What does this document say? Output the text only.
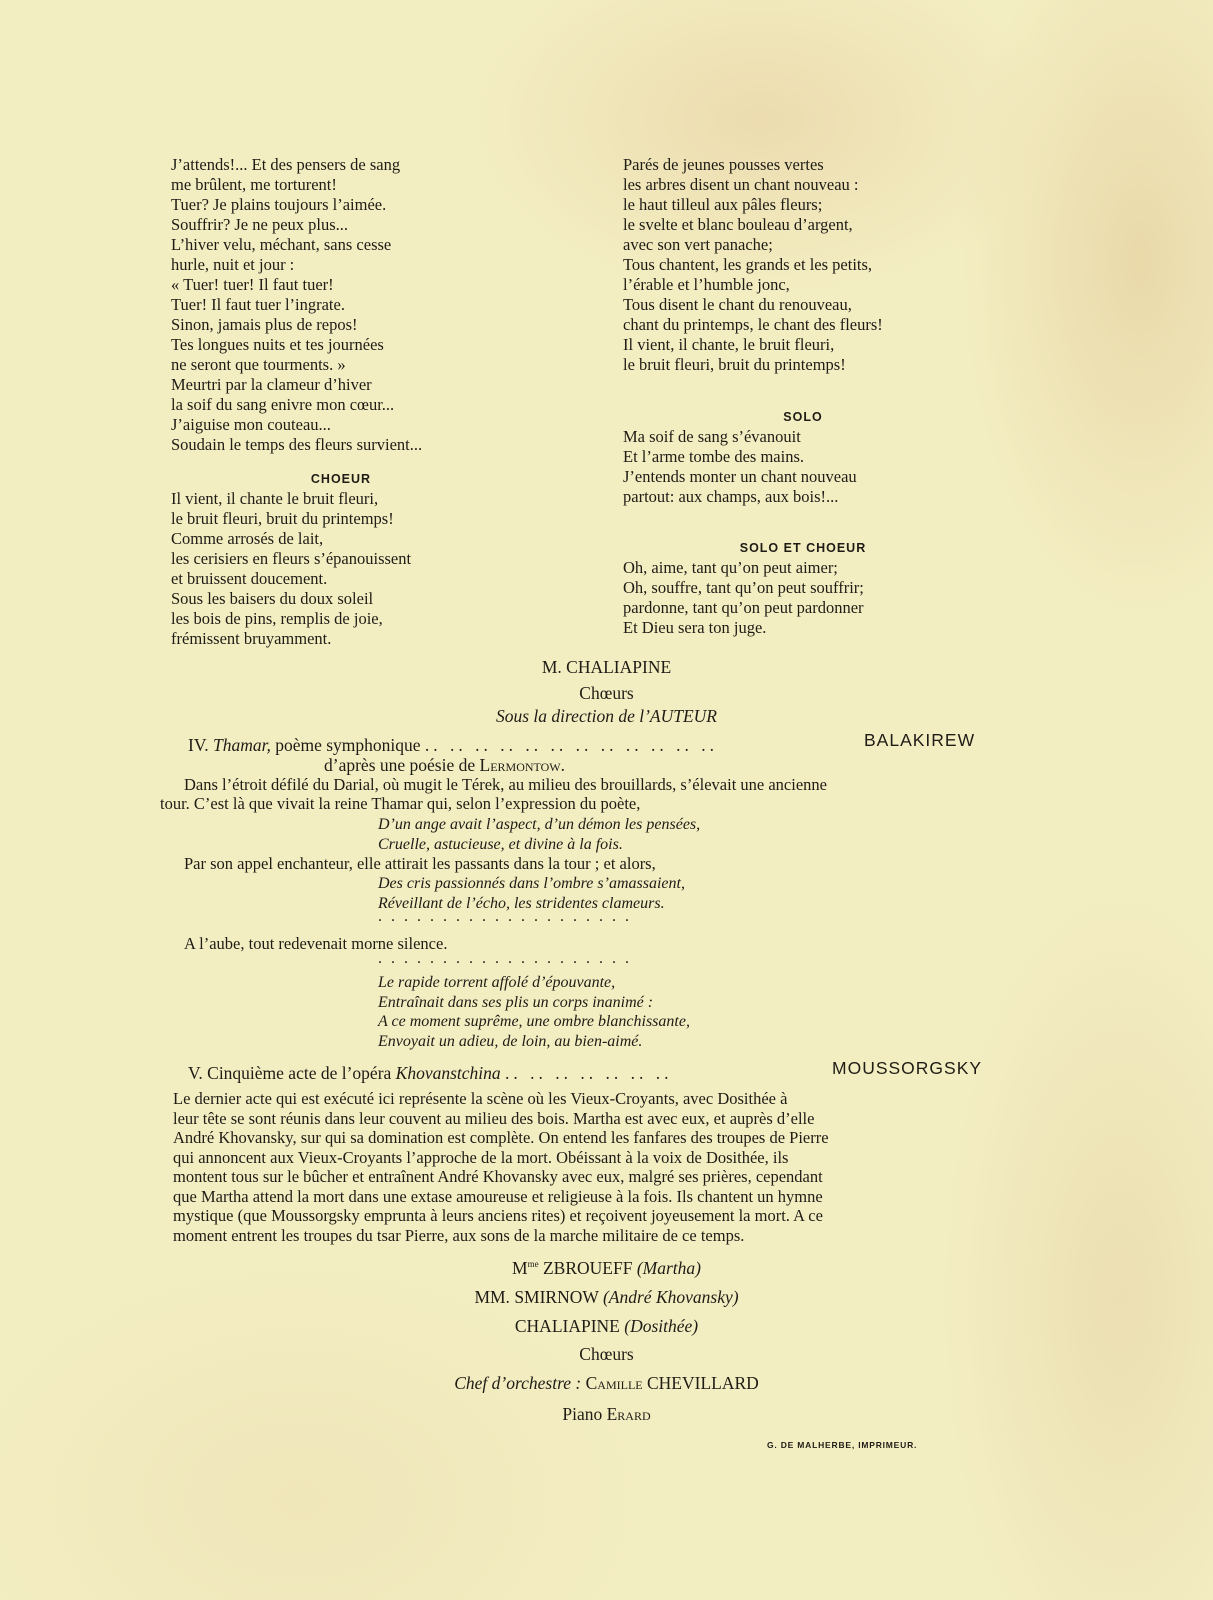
J’attends!... Et des pensers de sang
me brûlent, me torturent!
Tuer? Je plains toujours l’aimée.
Souffrir? Je ne peux plus...
L’hiver velu, méchant, sans cesse
hurle, nuit et jour :
« Tuer! tuer! Il faut tuer!
Tuer! Il faut tuer l’ingrate.
Sinon, jamais plus de repos!
Tes longues nuits et tes journées
ne seront que tourments. »
Meurtri par la clameur d’hiver
la soif du sang enivre mon cœur...
J’aiguise mon couteau...
Soudain le temps des fleurs survient...
CHOEUR
Il vient, il chante le bruit fleuri,
le bruit fleuri, bruit du printemps!
Comme arrosés de lait,
les cerisiers en fleurs s’épanouissent
et bruissent doucement.
Sous les baisers du doux soleil
les bois de pins, remplis de joie,
frémissent bruyamment.
Parés de jeunes pousses vertes
les arbres disent un chant nouveau :
le haut tilleul aux pâles fleurs;
le svelte et blanc bouleau d’argent,
avec son vert panache;
Tous chantent, les grands et les petits,
l’érable et l’humble jonc,
Tous disent le chant du renouveau,
chant du printemps, le chant des fleurs!
Il vient, il chante, le bruit fleuri,
le bruit fleuri, bruit du printemps!
SOLO
Ma soif de sang s’évanouit
Et l’arme tombe des mains.
J’entends monter un chant nouveau
partout: aux champs, aux bois!...
SOLO ET CHOEUR
Oh, aime, tant qu’on peut aimer;
Oh, souffre, tant qu’on peut souffrir;
pardonne, tant qu’on peut pardonner
Et Dieu sera ton juge.
M. CHALIAPINE
Chœurs
Sous la direction de l’AUTEUR
IV. Thamar, poème symphonique .. .. .. .. .. .. .. .. .. .. .. ..	BALAKIREW
d’après une poésie de Lermontow.
Dans l’étroit défilé du Darial, où mugit le Térek, au milieu des brouillards, s’élevait une ancienne
tour. C’est là que vivait la reine Thamar qui, selon l’expression du poète,
D’un ange avait l’aspect, d’un démon les pensées,
Cruelle, astucieuse, et divine à la fois.
Par son appel enchanteur, elle attirait les passants dans la tour ; et alors,
Des cris passionnés dans l’ombre s’amassaient,
Réveillant de l’écho, les stridentes clameurs.
....................
A l’aube, tout redevenait morne silence.
....................
Le rapide torrent affolé d’épouvante,
Entraînait dans ses plis un corps inanimé :
A ce moment suprême, une ombre blanchissante,
Envoyait un adieu, de loin, au bien-aimé.
V. Cinquième acte de l’opéra Khovanstchina .. .. .. .. .. .. ..	MOUSSORGSKY
Le dernier acte qui est exécuté ici représente la scène où les Vieux-Croyants, avec Dosithée à
leur tête se sont réunis dans leur couvent au milieu des bois. Martha est avec eux, et auprès d’elle
André Khovansky, sur qui sa domination est complète. On entend les fanfares des troupes de Pierre
qui annoncent aux Vieux-Croyants l’approche de la mort. Obéissant à la voix de Dosithée, ils
montent tous sur le bûcher et entraînent André Khovansky avec eux, malgré ses prières, cependant
que Martha attend la mort dans une extase amoureuse et religieuse à la fois. Ils chantent un hymne
mystique (que Moussorgsky emprunta à leurs anciens rites) et reçoivent joyeusement la mort. A ce
moment entrent les troupes du tsar Pierre, aux sons de la marche militaire de ce temps.
$M^{me}$ ZBROUEFF (Martha)
MM. SMIRNOW (André Khovansky)
CHALIAPINE (Dosithée)
Chœurs
Chef d’orchestre : Camille CHEVILLARD
Piano Erard
G. DE MALHERBE, IMPRIMEUR.
